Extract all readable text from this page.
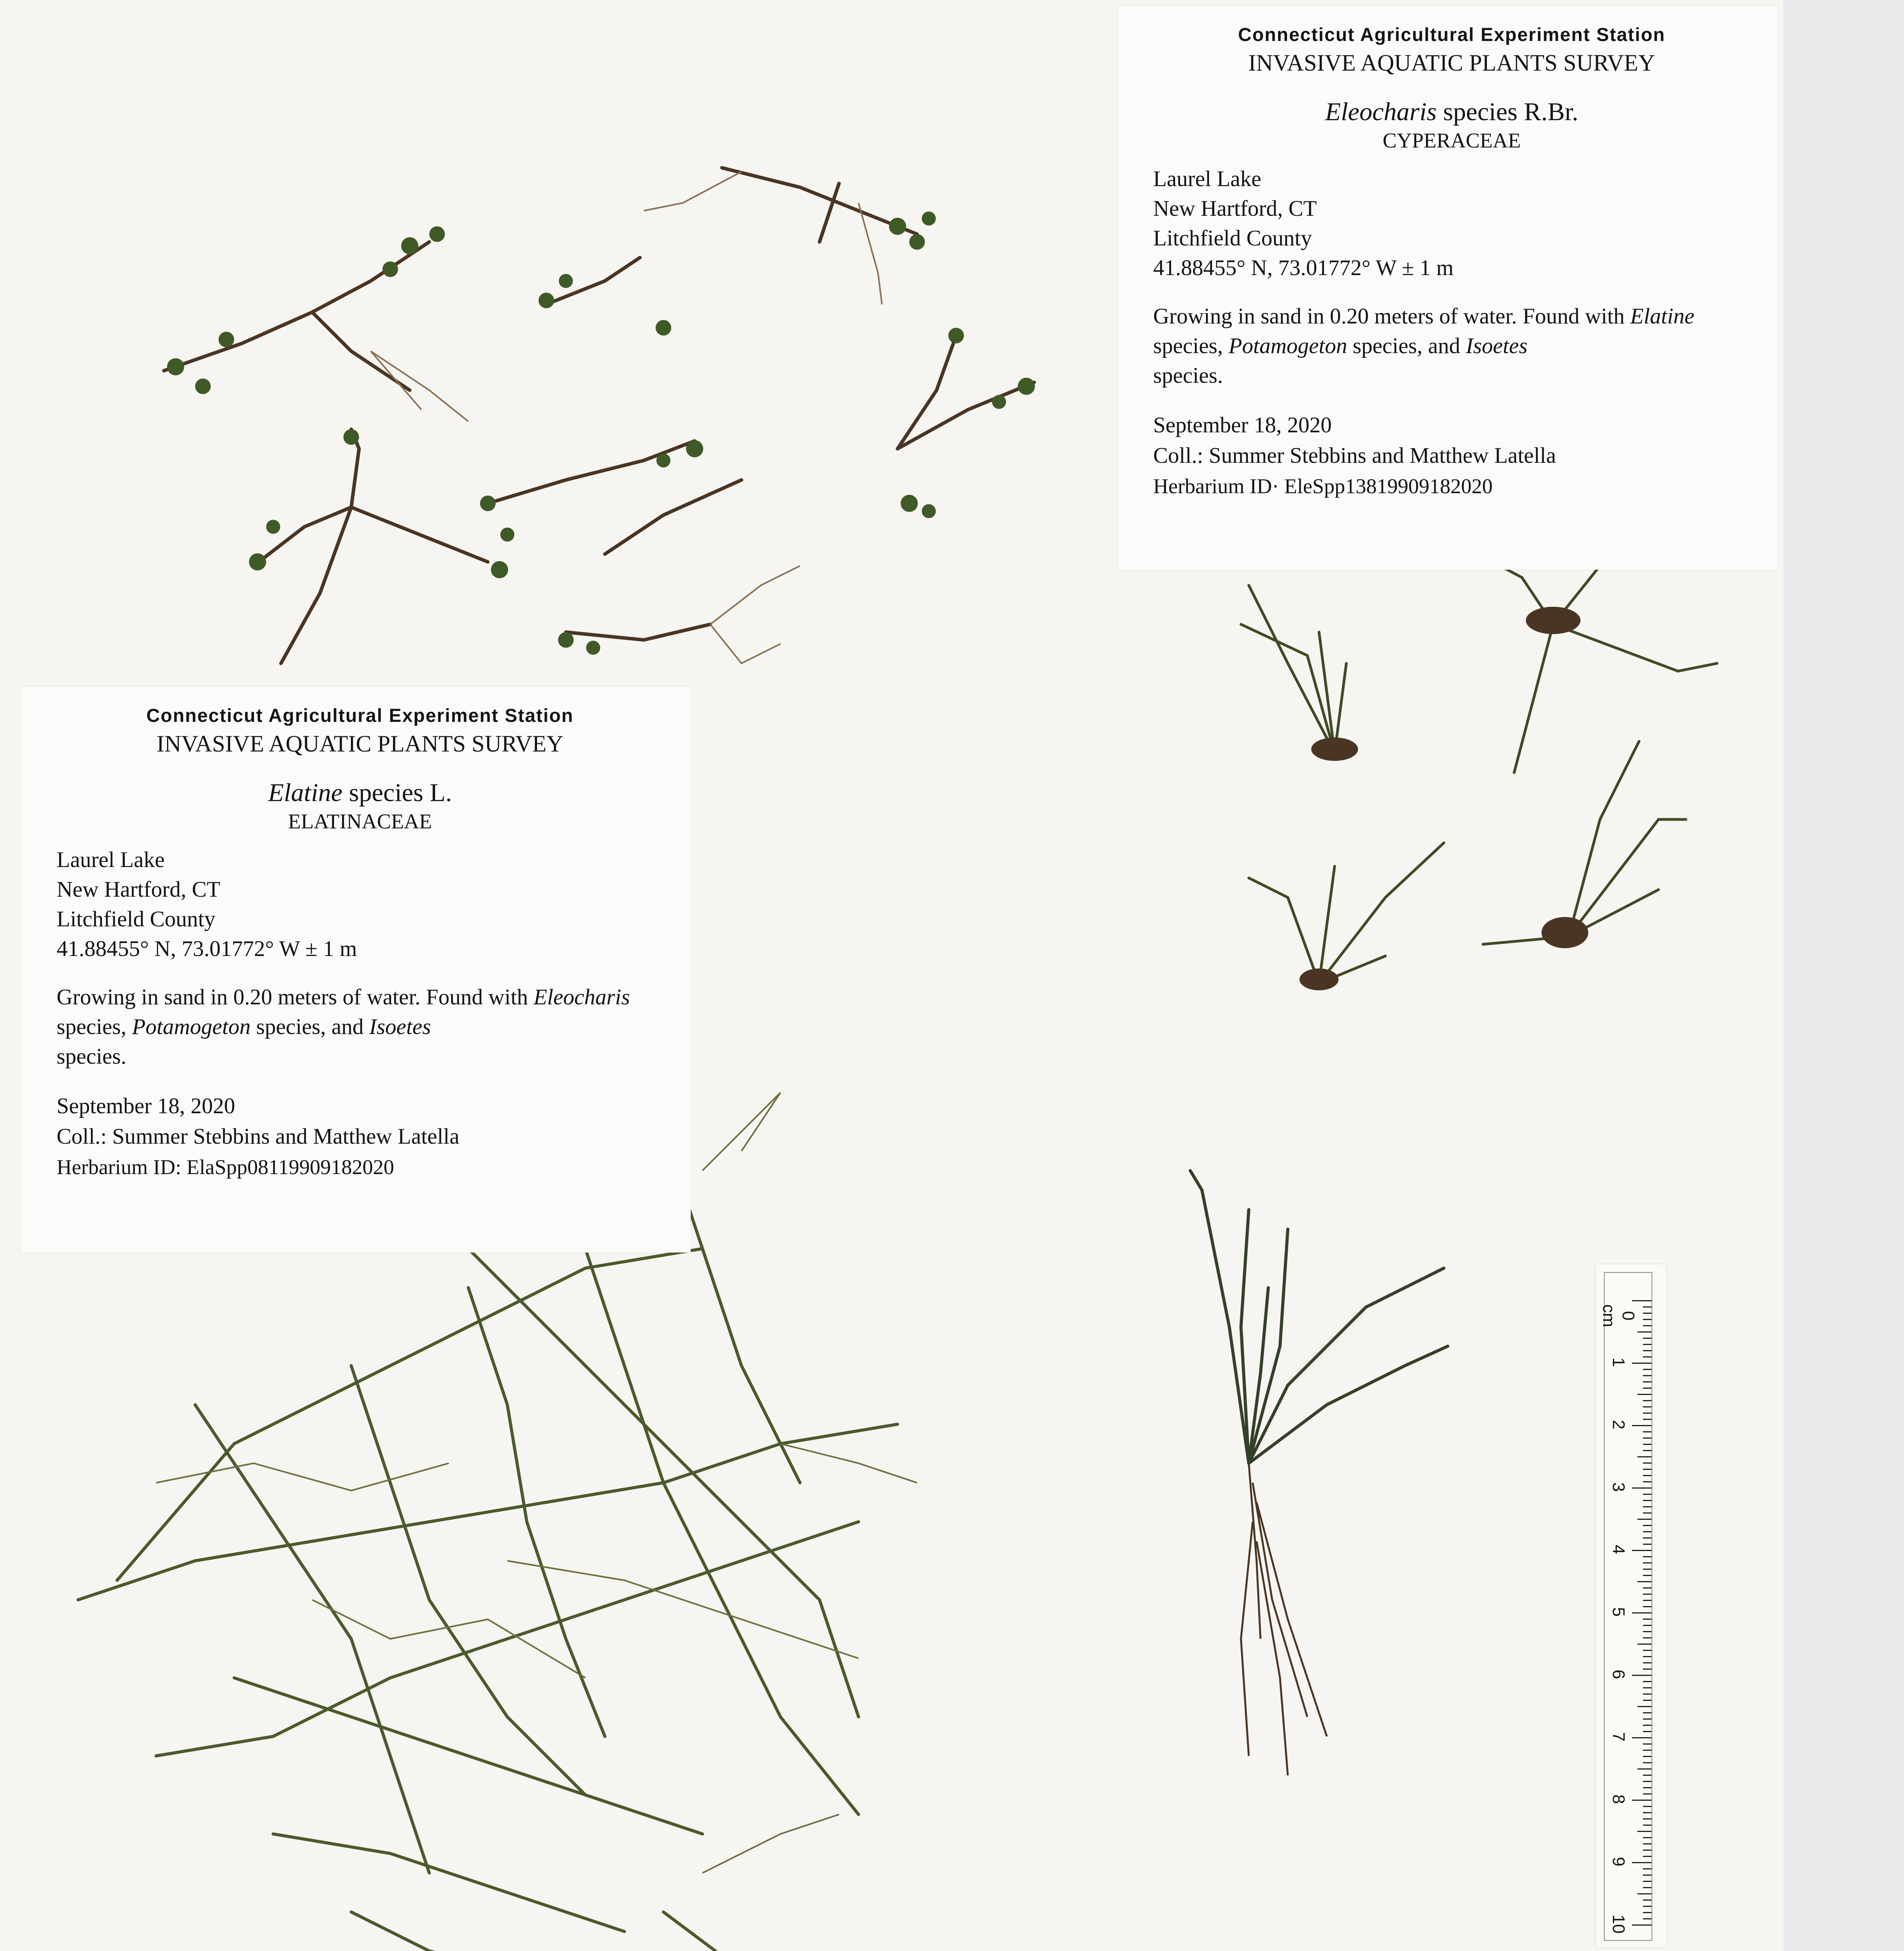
Connecticut Agricultural Experiment Station
INVASIVE AQUATIC PLANTS SURVEY
Eleocharis species R.Br.
CYPERACEAE
Laurel Lake
New Hartford, CT
Litchfield County
41.88455° N, 73.01772° W ± 1 m
Growing in sand in 0.20 meters of water. Found with Elatine species, Potamogeton species, and Isoetes
species.
September 18, 2020
Coll.: Summer Stebbins and Matthew Latella
Herbarium ID· EleSpp13819909182020
Connecticut Agricultural Experiment Station
INVASIVE AQUATIC PLANTS SURVEY
Elatine species L.
ELATINACEAE
Laurel Lake
New Hartford, CT
Litchfield County
41.88455° N, 73.01772° W ± 1 m
Growing in sand in 0.20 meters of water. Found with Eleocharis species, Potamogeton species, and Isoetes
species.
September 18, 2020
Coll.: Summer Stebbins and Matthew Latella
Herbarium ID: ElaSpp08119909182020

0 cm
1
2
3
4
5
6
7
8
9
10
